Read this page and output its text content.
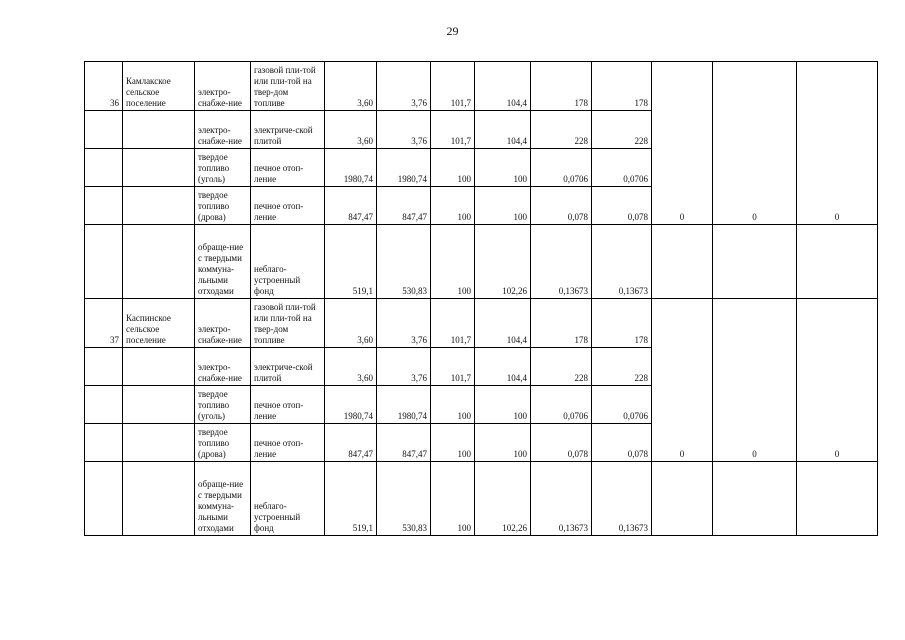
29
36	Камлакское сельское поселение	электро-снабже-ние	газовой пли-той или пли-той на твер-дом топливе	3,60	3,76	101,7	104,4	178	178	0	0	0
		электро-снабже-ние	электриче-ской плитой	3,60	3,76	101,7	104,4	228	228			
		твердое топливо (уголь)	печное отоп-ление	1980,74	1980,74	100	100	0,0706	0,0706			
		твердое топливо (дрова)	печное отоп-ление	847,47	847,47	100	100	0,078	0,078			
		обраще-ние с твердыми коммуна-льными отходами	неблаго-устроенный фонд	519,1	530,83	100	102,26	0,13673	0,13673			
37	Каспинское сельское поселение	электро-снабже-ние	газовой пли-той или пли-той на твер-дом топливе	3,60	3,76	101,7	104,4	178	178	0	0	0
		электро-снабже-ние	электриче-ской плитой	3,60	3,76	101,7	104,4	228	228			
		твердое топливо (уголь)	печное отоп-ление	1980,74	1980,74	100	100	0,0706	0,0706			
		твердое топливо (дрова)	печное отоп-ление	847,47	847,47	100	100	0,078	0,078			
		обраще-ние с твердыми коммуна-льными отходами	неблаго-устроенный фонд	519,1	530,83	100	102,26	0,13673	0,13673			
